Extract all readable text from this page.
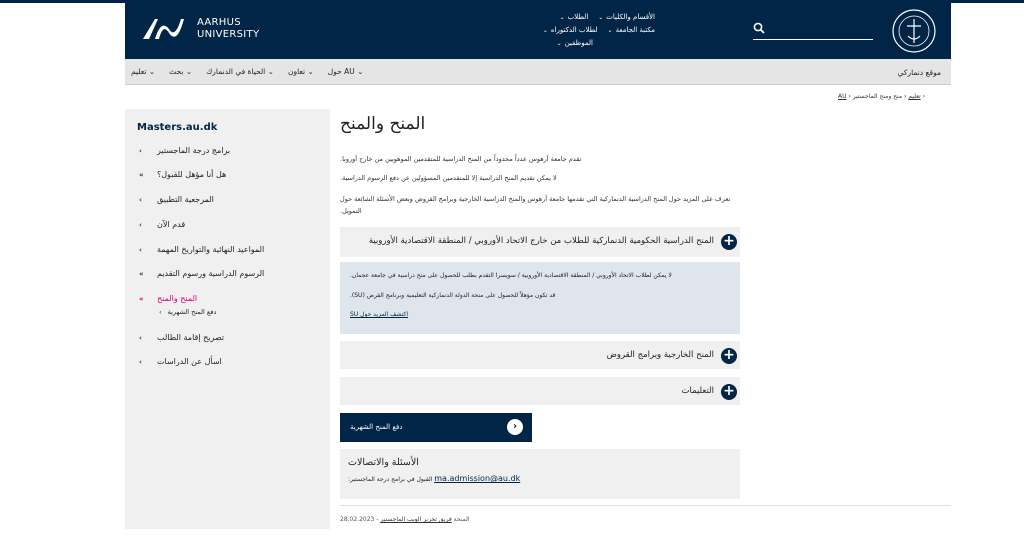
AARHUS
UNIVERSITY
الأقسام والكليات⌄
الطلاب⌄
مكتبة الجامعة⌄
لطلاب الدكتوراه⌄
الموظفين⌄
موقع دنماركي
تعليم ⌄ بحث ⌄ الحياة في الدنمارك ⌄ تعاون ⌄ حول AU ⌄
‹ تعليم ‹ منح ومنح الماجستير ‹ AU
Masters.au.dk
‹	برامج درجة الماجستير
«	هل أنا مؤهل للقبول؟
‹	المرجعية التطبيق
‹	قدم الآن
‹	المواعيد النهائية والتواريخ المهمة
«	الرسوم الدراسية ورسوم التقديم
«	المنح والمنح
‹ دفع المنح الشهرية
‹	تصريح إقامة الطالب
‹	اسأل عن الدراسات
المنح والمنح
.تقدم جامعة آرهوس عدداً محدوداً من المنح الدراسية للمتقدمين الموهوبين من خارج أوروبا
.لا يمكن تقديم المنح الدراسية إلا للمتقدمين المسؤولين عن دفع الرسوم الدراسية
تعرف على المزيد حول المنح الدراسية الدنماركية التي تقدمها جامعة آرهوس والمنح الدراسية الخارجية وبرامج القروض وبعض الأسئلة الشائعة حول
.التمويل
المنح الدراسية الحكومية الدنماركية للطلاب من خارج الاتحاد الأوروبي / المنطقة الاقتصادية الأوروبية +
.لا يمكن لطلاب الاتحاد الأوروبي / المنطقة الاقتصادية الأوروبية / سويسرا التقدم بطلب للحصول على منح دراسية في جامعة عجمان
.(SU) قد تكون مؤهلاً للحصول على منحة الدولة الدنماركية التعليمية وبرنامج القرض
SU اكتشف المزيد حول
المنح الخارجية وبرامج القروض +
التعليمات +
دفع المنح الشهرية	›
الأسئلة والاتصالات
:القبول في برامج درجة الماجستير ma.admission@au.dk
28.02.2023 - المنحة فريق تحرير الويب الماجستير
